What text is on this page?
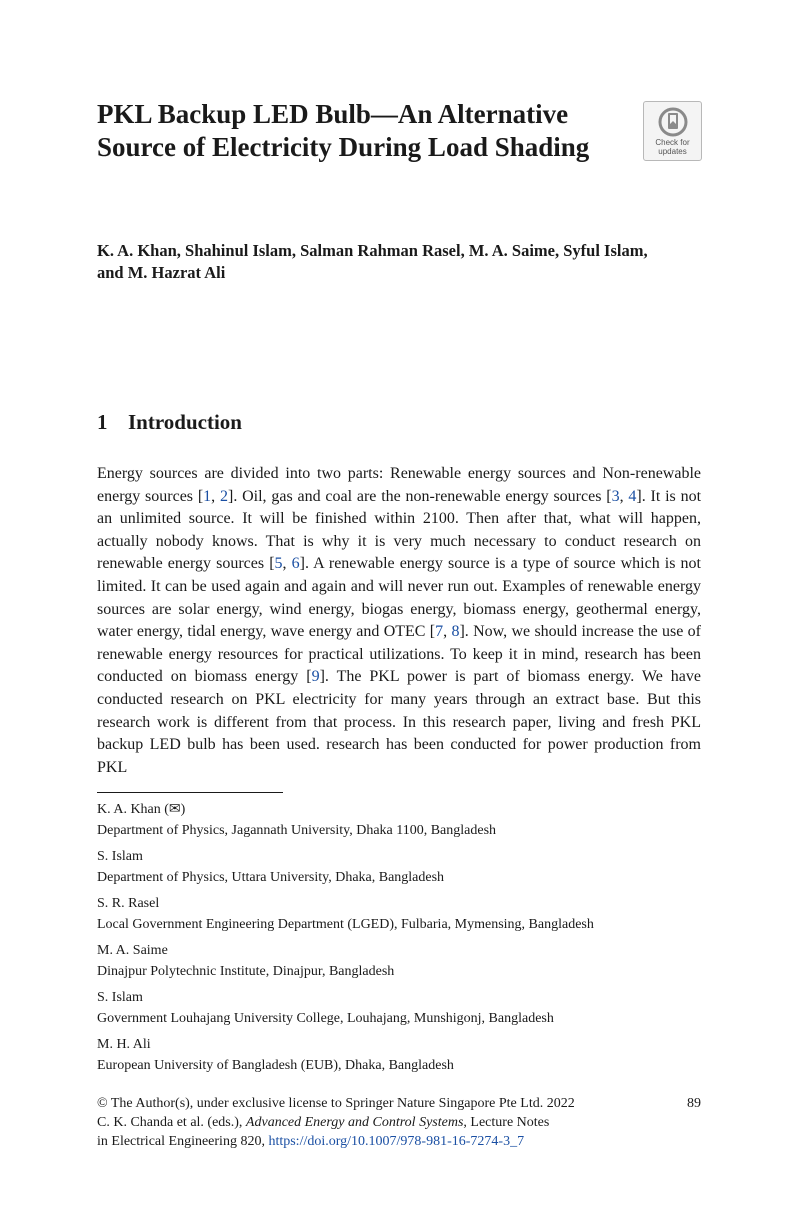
PKL Backup LED Bulb—An Alternative Source of Electricity During Load Shading	Check for
updates

K. A. Khan, Shahinul Islam, Salman Rahman Rasel, M. A. Saime, Syful Islam, and M. Hazrat Ali

1 Introduction

Energy sources are divided into two parts: Renewable energy sources and Non-renewable energy sources [1, 2]. Oil, gas and coal are the non-renewable energy sources [3, 4]. It is not an unlimited source. It will be finished within 2100. Then after that, what will happen, actually nobody knows. That is why it is very much necessary to conduct research on renewable energy sources [5, 6]. A renewable energy source is a type of source which is not limited. It can be used again and again and will never run out. Examples of renewable energy sources are solar energy, wind energy, biogas energy, biomass energy, geothermal energy, water energy, tidal energy, wave energy and OTEC [7, 8]. Now, we should increase the use of renewable energy resources for practical utilizations. To keep it in mind, research has been conducted on biomass energy [9]. The PKL power is part of biomass energy. We have conducted research on PKL electricity for many years through an extract base. But this research work is different from that process. In this research paper, living and fresh PKL backup LED bulb has been used. research has been conducted for power production from PKL

K. A. Khan (✉)
Department of Physics, Jagannath University, Dhaka 1100, Bangladesh
S. Islam
Department of Physics, Uttara University, Dhaka, Bangladesh
S. R. Rasel
Local Government Engineering Department (LGED), Fulbaria, Mymensing, Bangladesh
M. A. Saime
Dinajpur Polytechnic Institute, Dinajpur, Bangladesh
S. Islam
Government Louhajang University College, Louhajang, Munshigonj, Bangladesh
M. H. Ali
European University of Bangladesh (EUB), Dhaka, Bangladesh
© The Author(s), under exclusive license to Springer Nature Singapore Pte Ltd. 2022
C. K. Chanda et al. (eds.), Advanced Energy and Control Systems, Lecture Notes
in Electrical Engineering 820, https://doi.org/10.1007/978-981-16-7274-3_7
89
